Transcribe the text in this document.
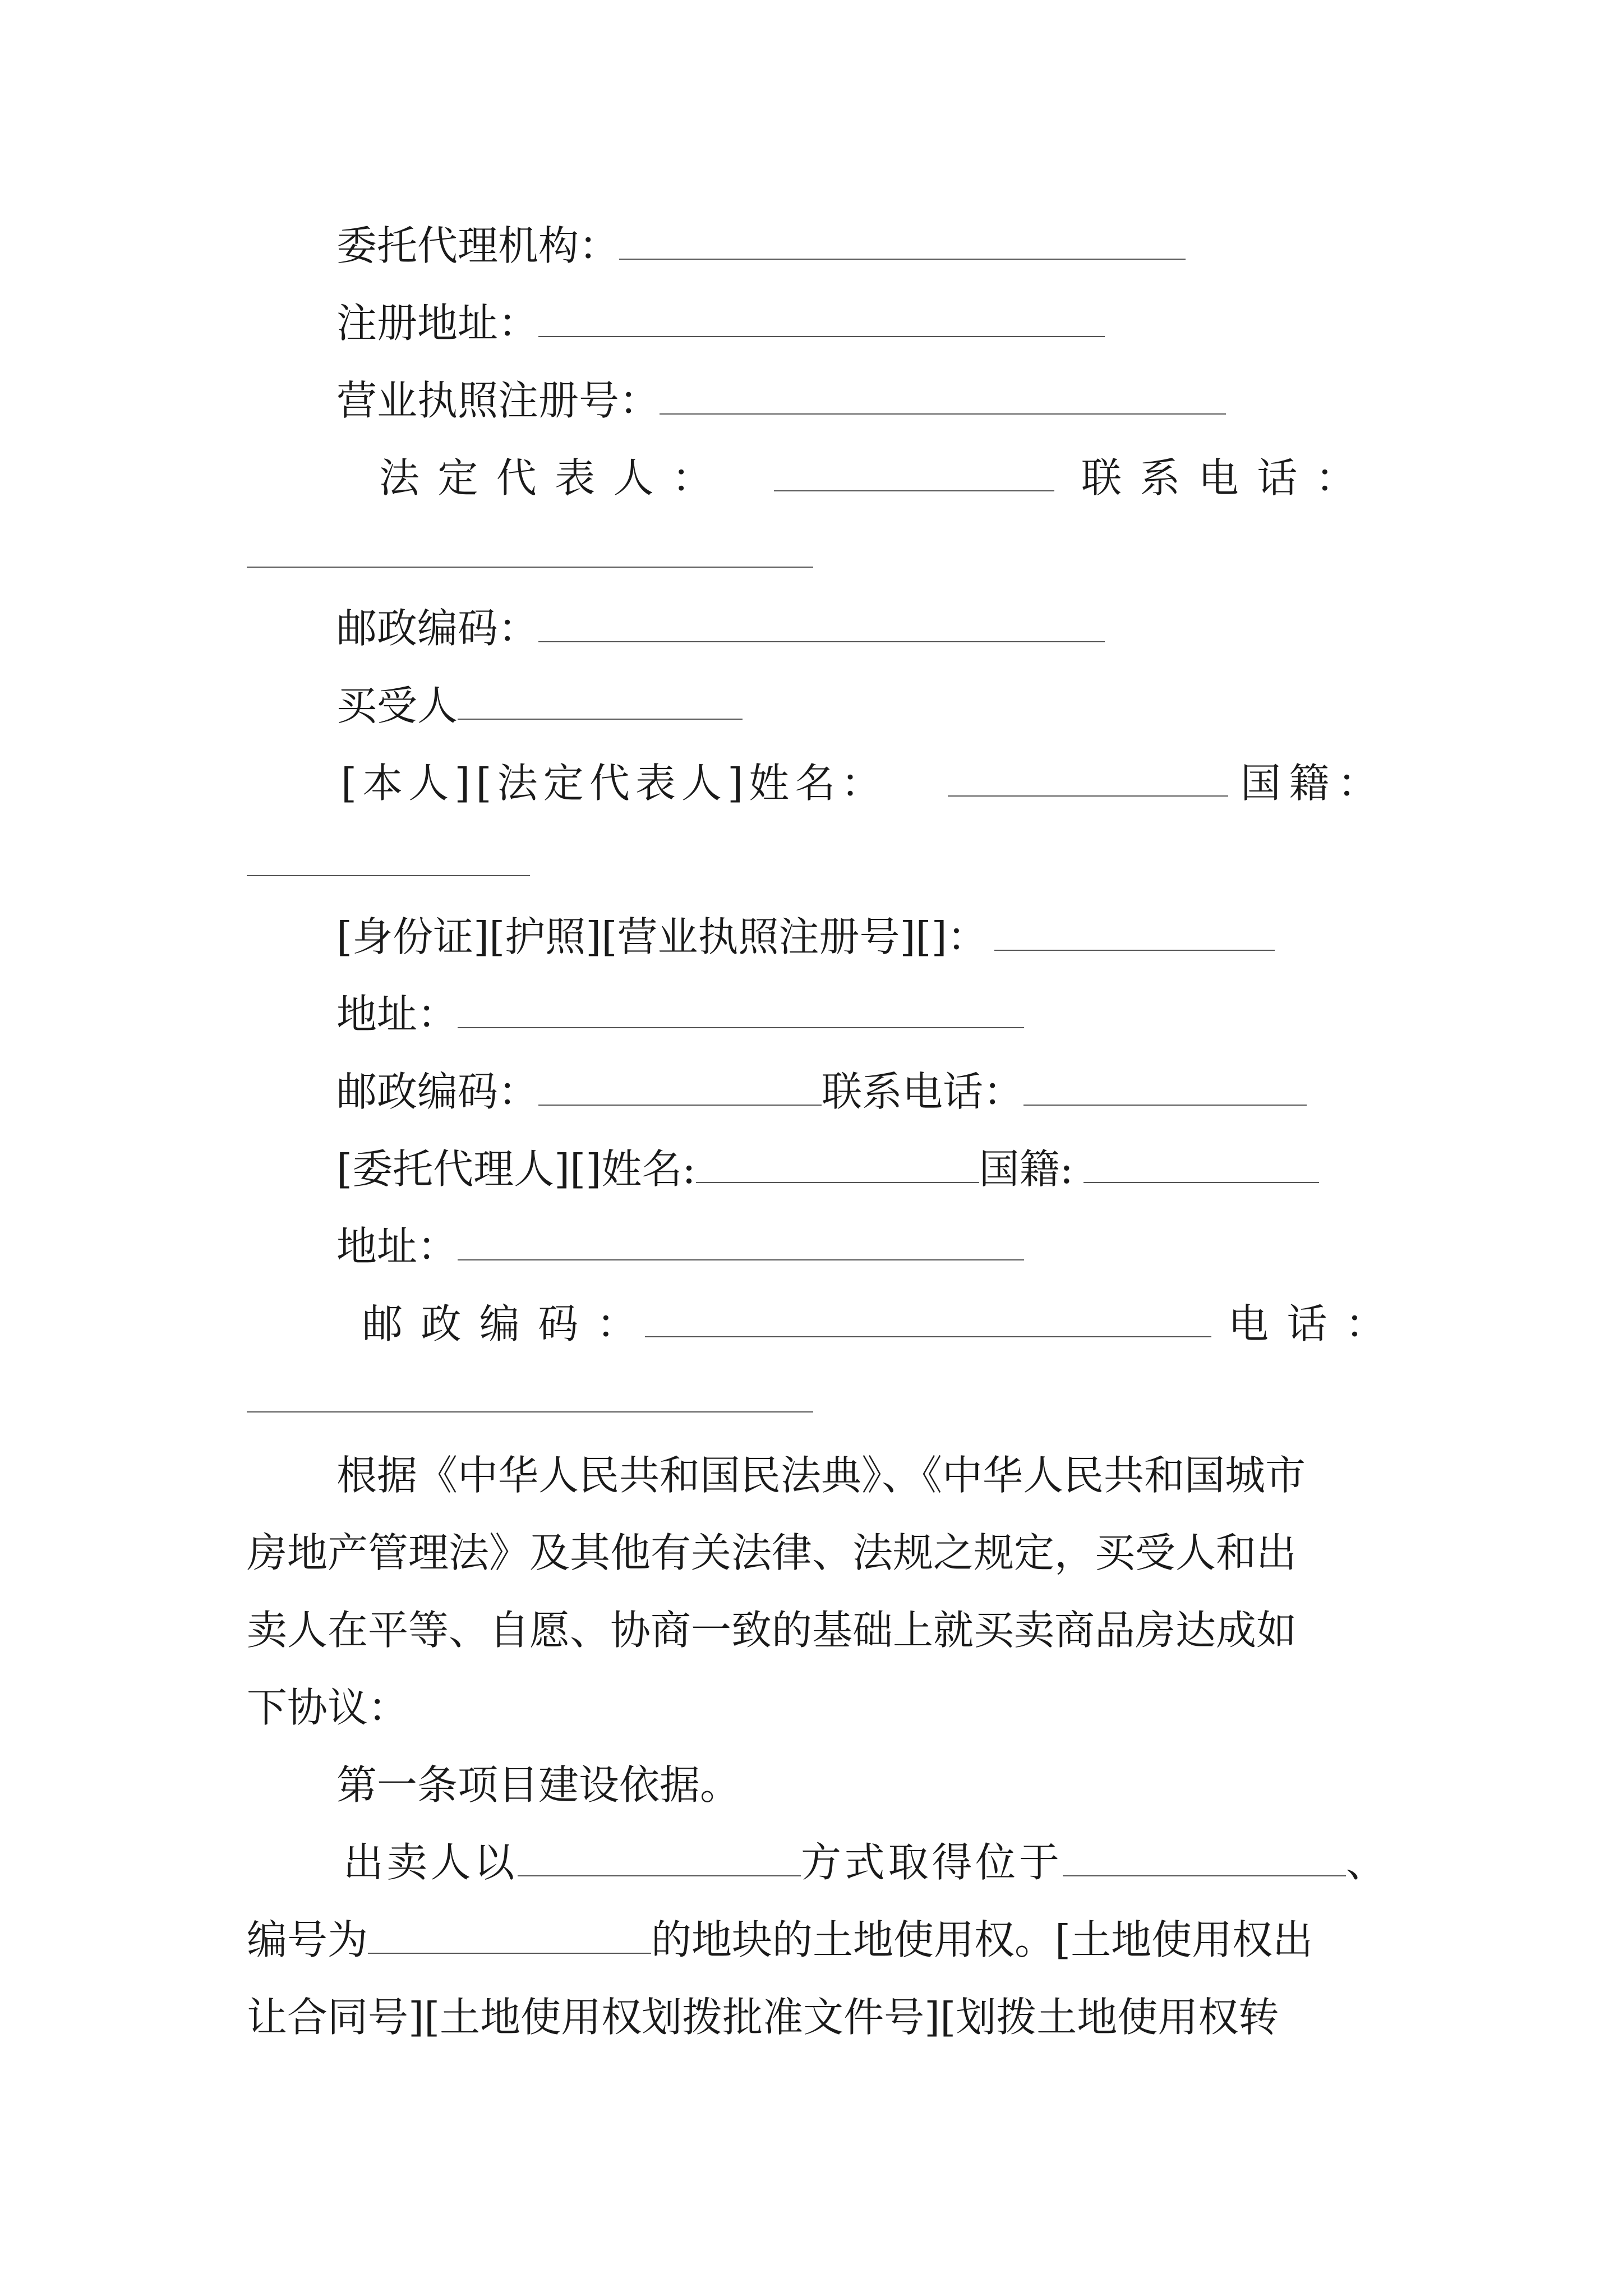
委托代理机构：
注册地址：
营业执照注册号：
法定代表人：	联系电话：
邮政编码：
买受人
[本人][法定代表人]姓名：	国籍：
[身份证][护照][营业执照注册号][]：
地址：
邮政编码：	联系电话：
[委托代理人][]姓名:	国籍:
地址：
邮政编码：	电话：
根据《中华人民共和国民法典》、《中华人民共和国城市
房地产管理法》及其他有关法律、法规之规定，买受人和出
卖人在平等、自愿、协商一致的基础上就买卖商品房达成如
下协议：
第一条项目建设依据。
出卖人以	方式取得位于	、
编号为	的地块的土地使用权。[土地使用权出
让合同号][土地使用权划拨批准文件号][划拨土地使用权转
